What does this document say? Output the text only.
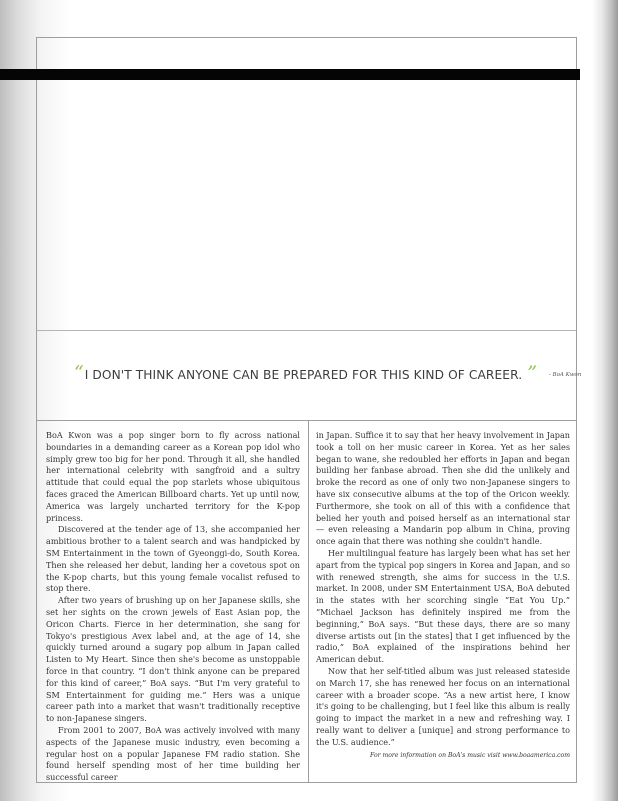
“ I DON'T THINK ANYONE CAN BE PREPARED FOR THIS KIND OF CAREER. ” - BoA Kwon

BoA Kwon was a pop singer born to fly across national boundaries in a demanding career as a Korean pop idol who simply grew too big for her pond. Through it all, she handled her international celebrity with sangfroid and a sultry attitude that could equal the pop starlets whose ubiquitous faces graced the American Billboard charts. Yet up until now, America was largely uncharted territory for the K-pop princess.

Discovered at the tender age of 13, she accompanied her ambitious brother to a talent search and was handpicked by SM Entertainment in the town of Gyeonggi-do, South Korea. Then she released her debut, landing her a covetous spot on the K-pop charts, but this young female vocalist refused to stop there.

After two years of brushing up on her Japanese skills, she set her sights on the crown jewels of East Asian pop, the Oricon Charts. Fierce in her determination, she sang for Tokyo's prestigious Avex label and, at the age of 14, she quickly turned around a sugary pop album in Japan called Listen to My Heart. Since then she's become as unstoppable force in that country. “I don't think anyone can be prepared for this kind of career,” BoA says. “But I'm very grateful to SM Entertainment for guiding me.” Hers was a unique career path into a market that wasn't traditionally receptive to non-Japanese singers.

From 2001 to 2007, BoA was actively involved with many aspects of the Japanese music industry, even becoming a regular host on a popular Japanese FM radio station. She found herself spending most of her time building her successful career

in Japan. Suffice it to say that her heavy involvement in Japan took a toll on her music career in Korea. Yet as her sales began to wane, she redoubled her efforts in Japan and began building her fanbase abroad. Then she did the unlikely and broke the record as one of only two non-Japanese singers to have six consecutive albums at the top of the Oricon weekly. Furthermore, she took on all of this with a confidence that belied her youth and poised herself as an international star — even releasing a Mandarin pop album in China, proving once again that there was nothing she couldn't handle.

Her multilingual feature has largely been what has set her apart from the typical pop singers in Korea and Japan, and so with renewed strength, she aims for success in the U.S. market. In 2008, under SM Entertainment USA, BoA debuted in the states with her scorching single “Eat You Up.” “Michael Jackson has definitely inspired me from the beginning,” BoA says. “But these days, there are so many diverse artists out [in the states] that I get influenced by the radio,” BoA explained of the inspirations behind her American debut.

Now that her self-titled album was just released stateside on March 17, she has renewed her focus on an international career with a broader scope. “As a new artist here, I know it's going to be challenging, but I feel like this album is really going to impact the market in a new and refreshing way. I really want to deliver a [unique] and strong performance to the U.S. audience.”

For more information on BoA's music visit www.boaamerica.com
